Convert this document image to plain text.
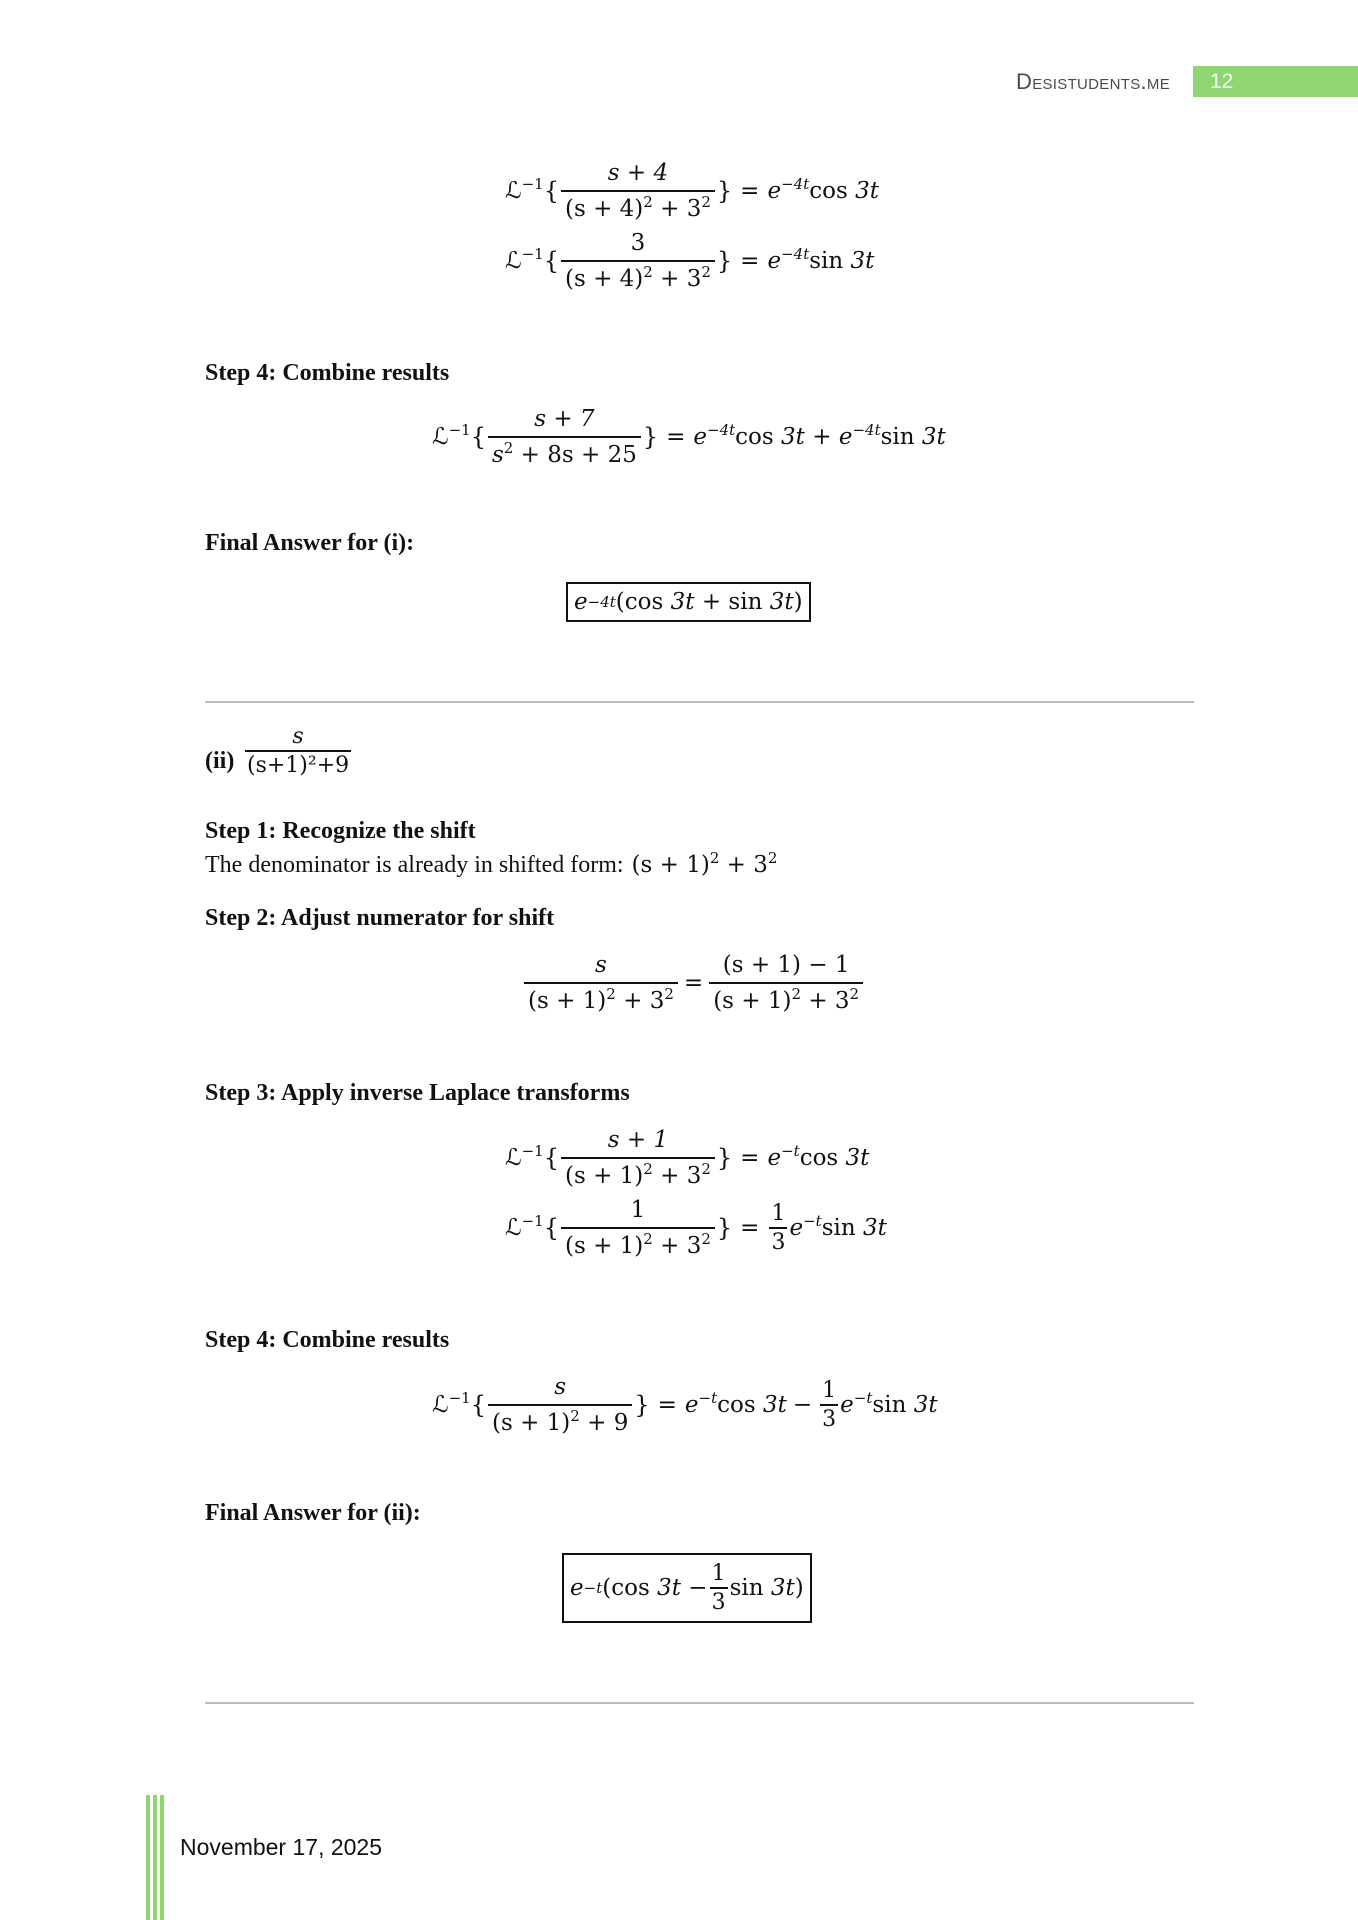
Desistudents.me 12
ℒ$^{-1}$ { $\frac{s + 4}{(s + 4)^2 + 3^2}$ } = $e^{-4t}\cos$ 3t
ℒ$^{-1}$ { $\frac{3}{(s + 4)^2 + 3^2}$ } = $e^{-4t}\sin$ 3t
Step 4: Combine results
ℒ$^{-1}$ { $\frac{s + 7}{s^2 + 8s + 25}$ } = $e^{-4t}\cos$ $3t + e^{-4t}\sin$ 3t
Final Answer for (i):
e −4t ( cos
3t
+
sin
3t )
$(ii) \frac{s}{\text{(s+1)²+9}}$
Step 1: Recognize the shift
The denominator is already in shifted form: $(s + 1)^2 + 3^2$
Step 2: Adjust numerator for shift
$\frac{s}{(s + 1)^2 + 3^2} = \frac{(s + 1) - 1}{(s + 1)^2 + 3^2}$
Step 3: Apply inverse Laplace transforms
ℒ$^{-1}$ { $\frac{s + 1}{(s + 1)^2 + 3^2}$ } = $e^{-t}\cos$ 3t
ℒ$^{-1}$ { $\frac{1}{(s + 1)^2 + 3^2}$ } = $\frac{1}{3} e^{-t}\sin$ 3t
Step 4: Combine results
ℒ$^{-1}$ { $\frac{s}{(s + 1)^2 + 9}$ } = $e^{-t}\cos$ $3t - \frac{1}{3} e^{-t}\sin$ 3t
Final Answer for (ii):
e −t ( cos
3t
− $\frac{1}{3}$ sin
3t )
November 17, 2025
